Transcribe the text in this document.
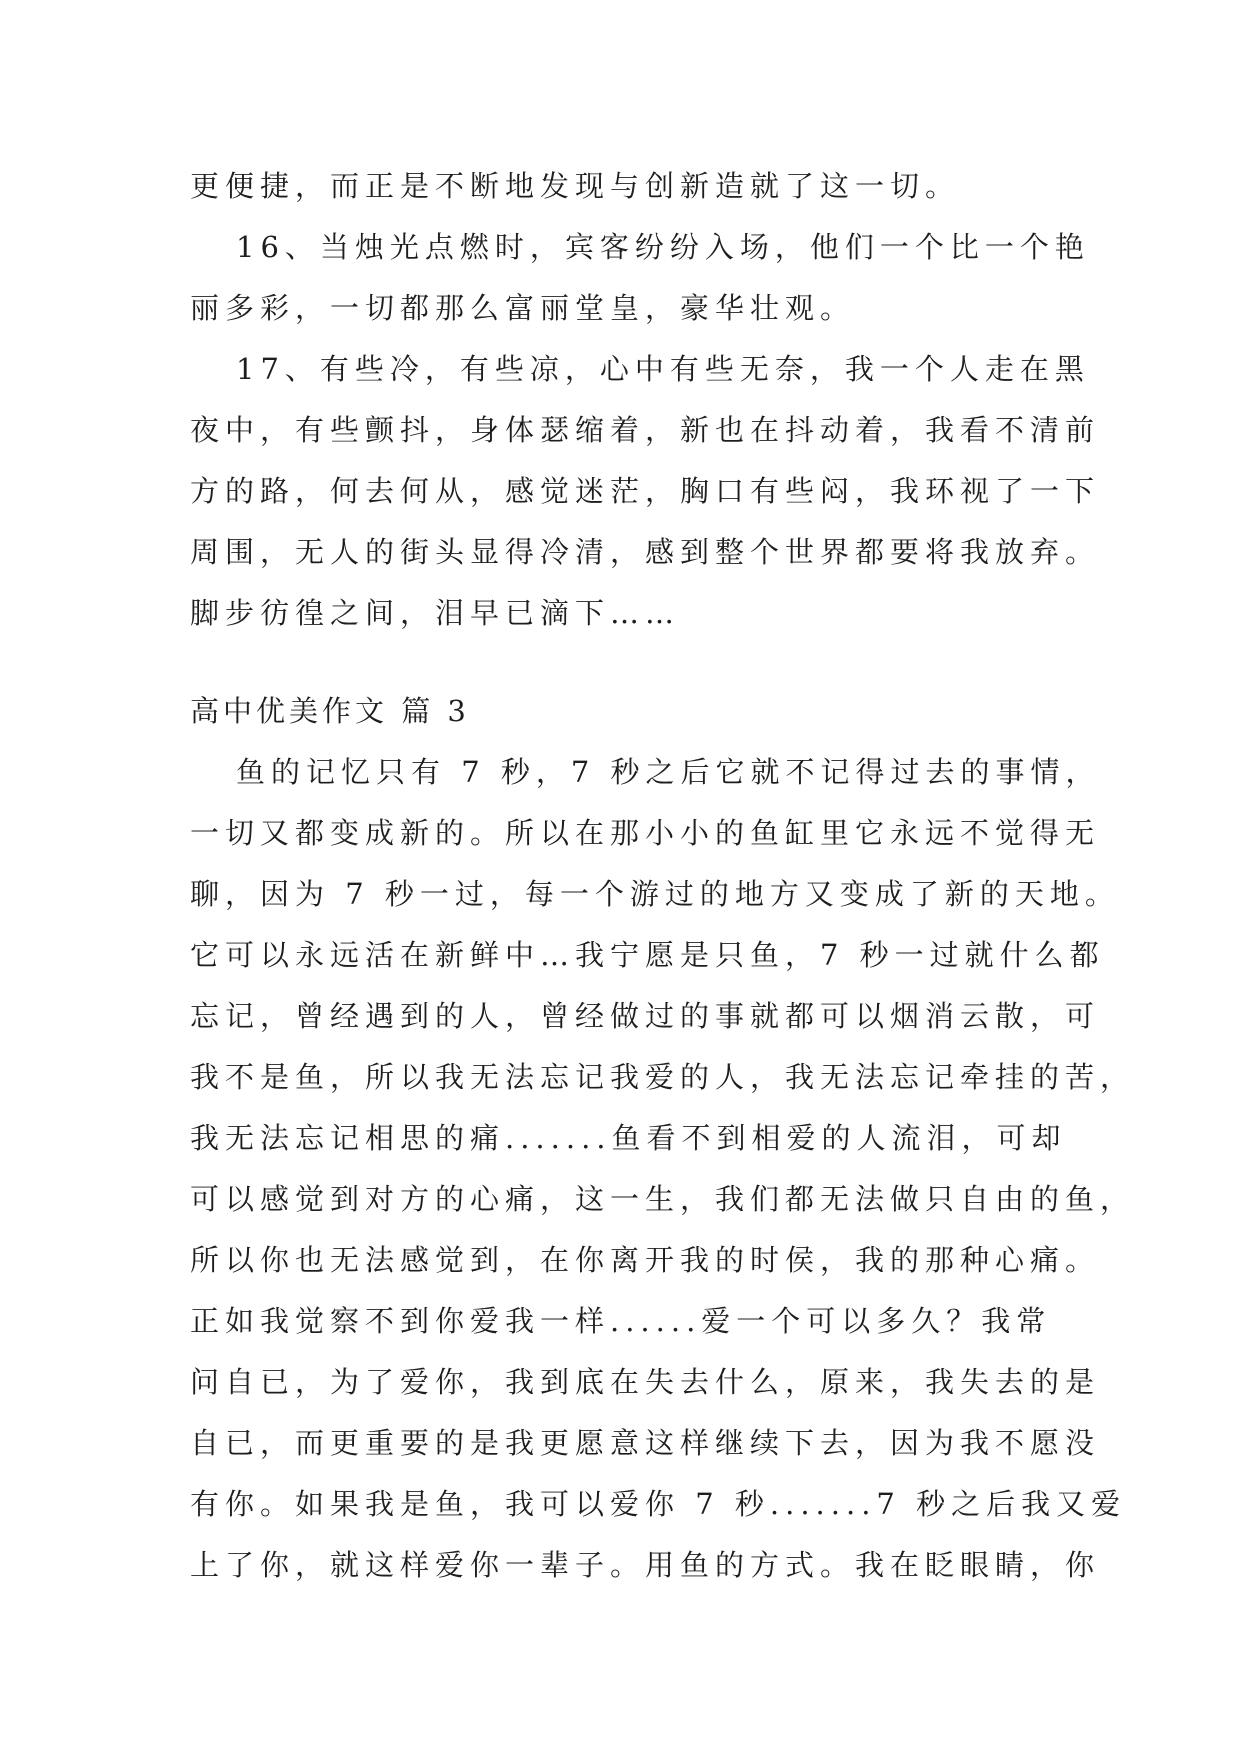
更便捷，而正是不断地发现与创新造就了这一切。

16、当烛光点燃时，宾客纷纷入场，他们一个比一个艳

丽多彩，一切都那么富丽堂皇，豪华壮观。

17、有些冷，有些凉，心中有些无奈，我一个人走在黑

夜中，有些颤抖，身体瑟缩着，新也在抖动着，我看不清前

方的路，何去何从，感觉迷茫，胸口有些闷，我环视了一下

周围，无人的街头显得冷清，感到整个世界都要将我放弃。

脚步彷徨之间，泪早已滴下……

高中优美作文 篇 3

鱼的记忆只有 7 秒，7 秒之后它就不记得过去的事情，

一切又都变成新的。所以在那小小的鱼缸里它永远不觉得无

聊，因为 7 秒一过，每一个游过的地方又变成了新的天地。

它可以永远活在新鲜中…我宁愿是只鱼，7 秒一过就什么都

忘记，曾经遇到的人，曾经做过的事就都可以烟消云散，可

我不是鱼，所以我无法忘记我爱的人，我无法忘记牵挂的苦，

我无法忘记相思的痛.......鱼看不到相爱的人流泪，可却

可以感觉到对方的心痛，这一生，我们都无法做只自由的鱼，

所以你也无法感觉到，在你离开我的时侯，我的那种心痛。

正如我觉察不到你爱我一样......爱一个可以多久？我常

问自已，为了爱你，我到底在失去什么，原来，我失去的是

自已，而更重要的是我更愿意这样继续下去，因为我不愿没

有你。如果我是鱼，我可以爱你 7 秒.......7 秒之后我又爱

上了你，就这样爱你一辈子。用鱼的方式。我在眨眼睛，你
